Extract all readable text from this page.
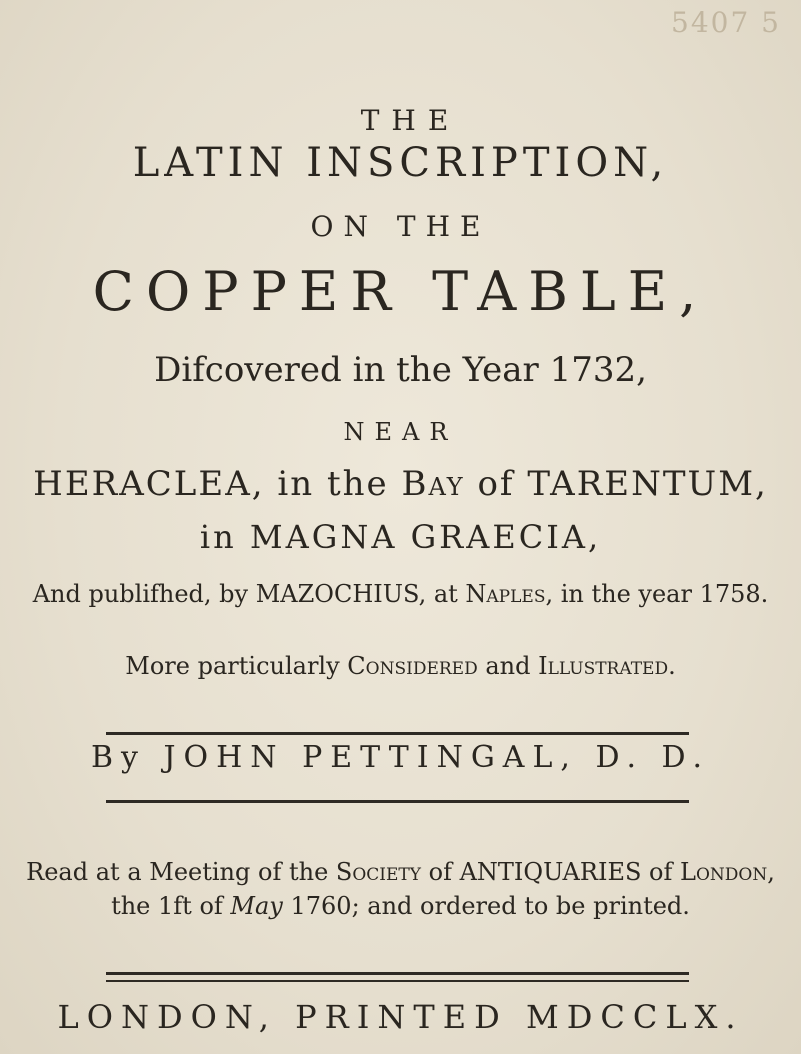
5407 5
THE
LATIN INSCRIPTION,
ON THE
COPPER TABLE,
Difcovered in the Year 1732,
NEAR
HERACLEA, in the Bay of TARENTUM,
in MAGNA GRAECIA,
And publifhed, by MAZOCHIUS, at Naples, in the year 1758.
More particularly Considered and Illustrated.
By JOHN PETTINGAL, D. D.
Read at a Meeting of the Society of ANTIQUARIES of London,
the 1ft of May 1760; and ordered to be printed.
LONDON, PRINTED MDCCLX.
